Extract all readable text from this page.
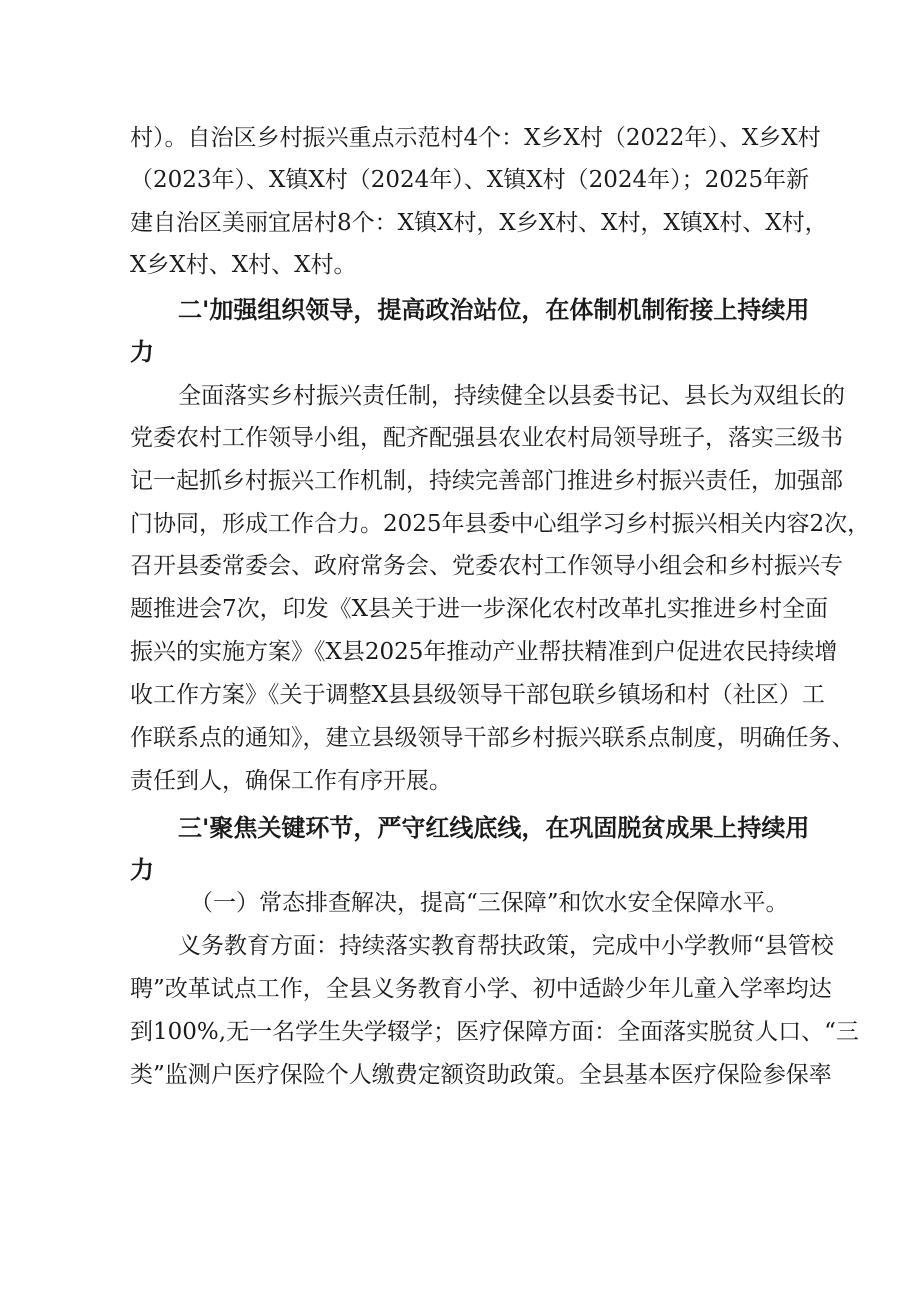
村）。自治区乡村振兴重点示范村4个：X乡X村（2022年）、X乡X村
（2023年）、X镇X村（2024年）、X镇X村（2024年）；2025年新
建自治区美丽宜居村8个：X镇X村，X乡X村、X村，X镇X村、X村，
X乡X村、X村、X村。
二'加强组织领导，提高政治站位，在体制机制衔接上持续用
力
全面落实乡村振兴责任制，持续健全以县委书记、县长为双组长的
党委农村工作领导小组，配齐配强县农业农村局领导班子，落实三级书
记一起抓乡村振兴工作机制，持续完善部门推进乡村振兴责任，加强部
门协同，形成工作合力。2025年县委中心组学习乡村振兴相关内容2次，
召开县委常委会、政府常务会、党委农村工作领导小组会和乡村振兴专
题推进会7次，印发《X县关于进一步深化农村改革扎实推进乡村全面
振兴的实施方案》《X县2025年推动产业帮扶精准到户促进农民持续增
收工作方案》《关于调整X县县级领导干部包联乡镇场和村（社区）工
作联系点的通知》，建立县级领导干部乡村振兴联系点制度，明确任务、
责任到人，确保工作有序开展。
三'聚焦关键环节，严守红线底线，在巩固脱贫成果上持续用
力
（一）常态排查解决，提高“三保障”和饮水安全保障水平。
义务教育方面：持续落实教育帮扶政策，完成中小学教师“县管校
聘”改革试点工作，全县义务教育小学、初中适龄少年儿童入学率均达
到100%,无一名学生失学辍学；医疗保障方面：全面落实脱贫人口、“三
类”监测户医疗保险个人缴费定额资助政策。全县基本医疗保险参保率
